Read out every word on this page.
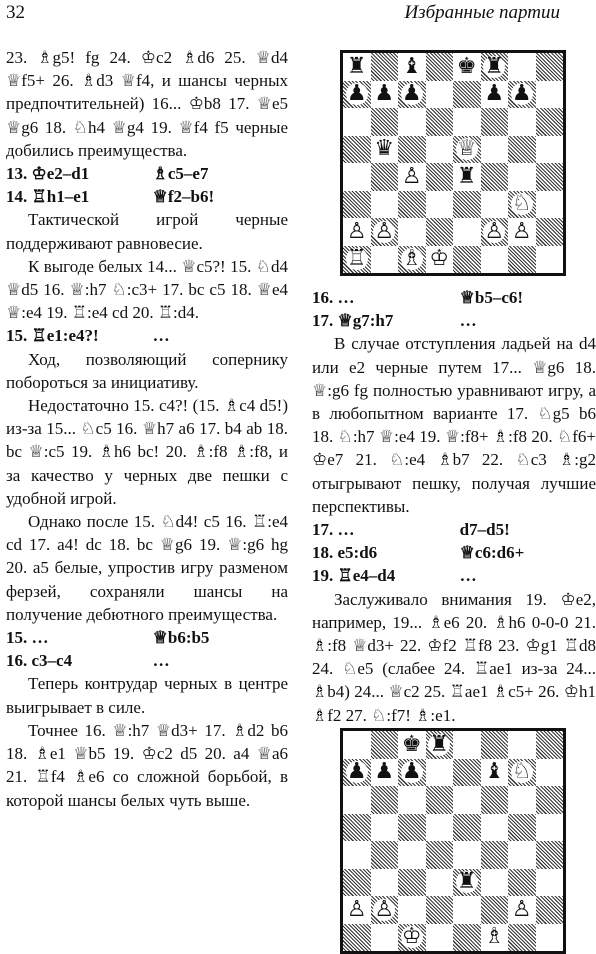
32	Избранные партии

23. ♗g5! fg 24. ♔c2 ♗d6 25. ♕d4 ♕f5+ 26. ♗d3 ♕f4, и шансы черных предпочтительней) 16... ♔b8 17. ♕e5 ♕g6 18. ♘h4 ♕g4 19. ♕f4 f5 черные добились преимущества.

13. ♔e2–d1	♗c5–e7

14. ♖h1–e1	♕f2–b6!

Тактической игрой черные поддерживают равновесие.

К выгоде белых 14... ♕c5?! 15. ♘d4 ♕d5 16. ♕:h7 ♘:c3+ 17. bc c5 18. ♕e4 ♕:e4 19. ♖:e4 cd 20. ♖:d4.

15. ♖e1:e4?!	…

Ход, позволяющий сопернику побороться за инициативу.

Недостаточно 15. c4?! (15. ♗c4 d5!) из-за 15... ♘c5 16. ♕h7 a6 17. b4 ab 18. bc ♕:c5 19. ♗h6 bc! 20. ♗:f8 ♗:f8, и за качество у черных две пешки с удобной игрой.

Однако после 15. ♘d4! c5 16. ♖:e4 cd 17. a4! dc 18. bc ♕g6 19. ♕:g6 hg 20. a5 белые, упростив игру разменом ферзей, сохраняли шансы на получение дебютного преимущества.

15. …	♕b6:b5

16. c3–c4	…

Теперь контрудар черных в центре выигрывает в силе.

Точнее 16. ♕:h7 ♕d3+ 17. ♗d2 b6 18. ♗e1 ♕b5 19. ♔c2 d5 20. a4 ♕a6 21. ♖f4 ♗e6 со сложной борьбой, в которой шансы белых чуть выше.

16. …	♕b5–c6!

17. ♕g7:h7	…

В случае отступления ладьей на d4 или e2 черные путем 17... ♕g6 18. ♕:g6 fg полностью уравнивают игру, а в любопытном варианте 17. ♘g5 b6 18. ♘:h7 ♕:e4 19. ♕:f8+ ♗:f8 20. ♘f6+ ♔e7 21. ♘:e4 ♗b7 22. ♘c3 ♗:g2 отыгрывают пешку, получая лучшие перспективы.

17. …	d7–d5!

18. e5:d6	♕c6:d6+

19. ♖e4–d4	…

Заслуживало внимания 19. ♔e2, например, 19... ♗e6 20. ♗h6 0-0-0 21. ♗:f8 ♕d3+ 22. ♔f2 ♖f8 23. ♔g1 ♖d8 24. ♘e5 (слабее 24. ♖ae1 из-за 24... ♗b4) 24... ♕c2 25. ♖ae1 ♗c5+ 26. ♔h1 ♗f2 27. ♘:f7! ♗:e1.

♜ ♝ ♚ ♜
♟ ♟ ♟	♟ ♟
♛	♕
♙ ♜
♘
♙ ♙	♙ ♙
♖ ♗ ♔
♚ ♜
♟ ♟ ♟	♝ ♘
♜
♙ ♙	♙
♔	♗
